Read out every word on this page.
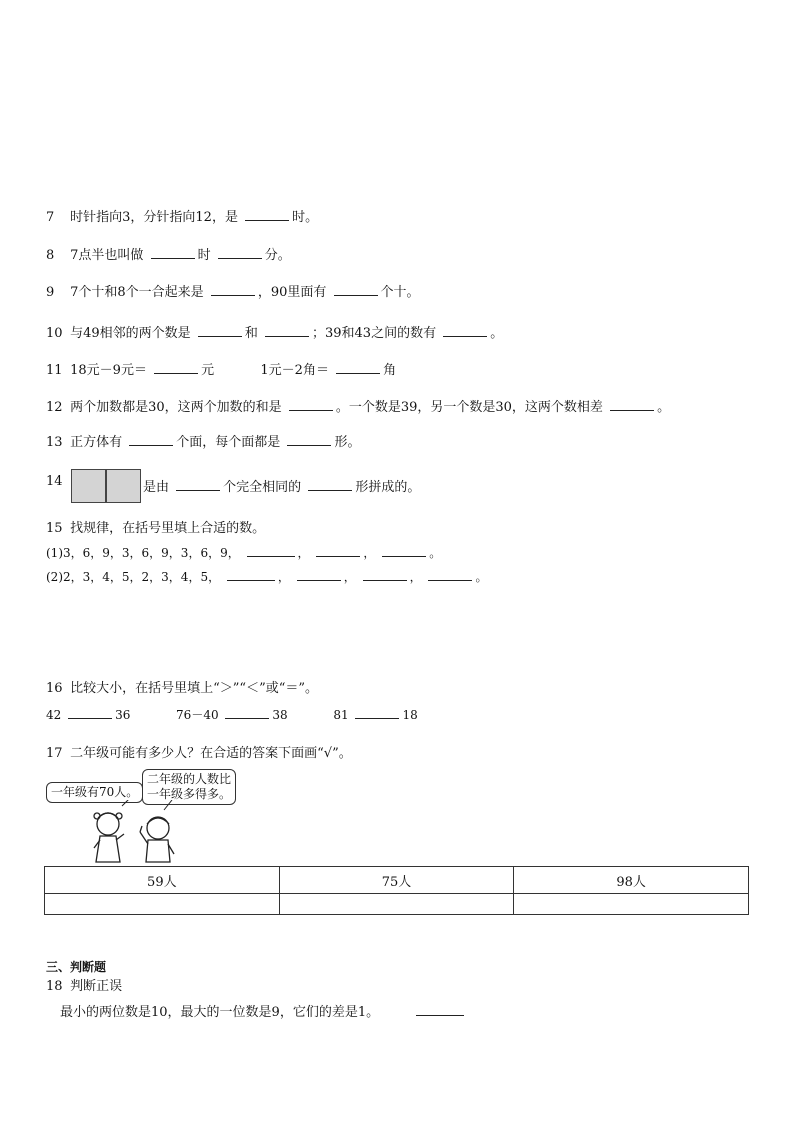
7 时针指向3，分针指向12，是	时。
8 7点半也叫做	时	分。
9 7个十和8个一合起来是	，90里面有	个十。
10 与49相邻的两个数是	和	；39和43之间的数有	。
11 18元－9元＝	元	1元－2角＝	角
12 两个加数都是30，这两个加数的和是	。一个数是39，另一个数是30，这两个数相差	。
13 正方体有	个面，每个面都是	形。
14	是由	个完全相同的	形拼成的。
15 找规律，在括号里填上合适的数。
(1)3，6，9，3，6，9，3，6，9，	，	，	。
(2)2，3，4，5，2，3，4，5，	，	，	，	。
16 比较大小，在括号里填上“＞”“＜”或“＝”。
42	36	76－40	38	81	18
17 二年级可能有多少人？在合适的答案下面画“√”。
一年级有70人。
二年级的人数比
一年级多得多。
59人	75人	98人

三、判断题
18 判断正误
最小的两位数是10，最大的一位数是9，它们的差是1。
